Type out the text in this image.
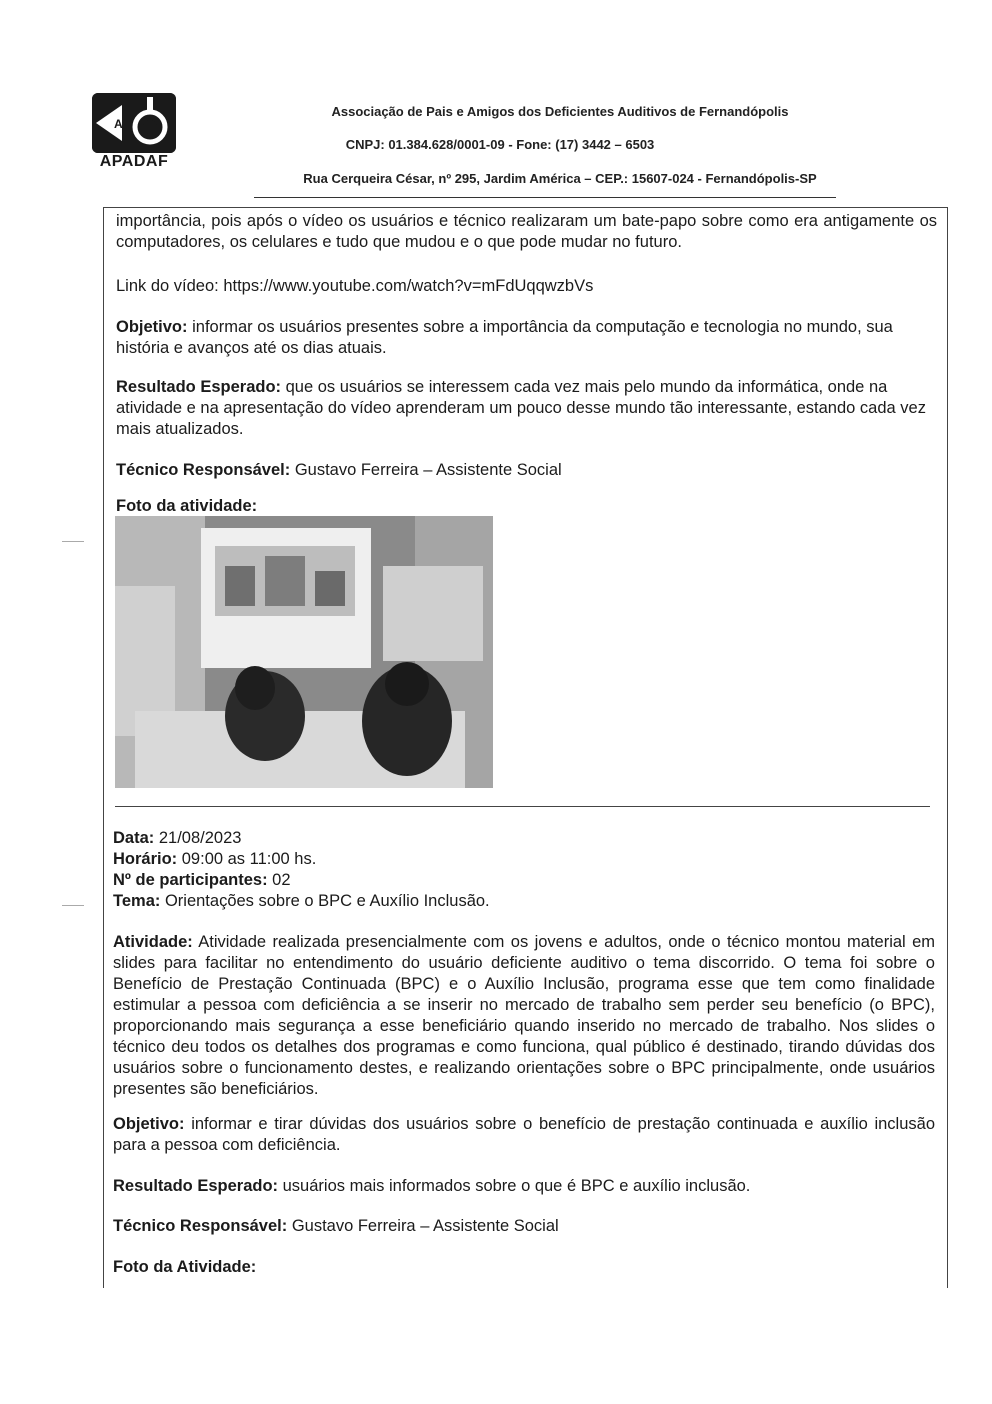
A
APADAF
Associação de Pais e Amigos dos Deficientes Auditivos de Fernandópolis
CNPJ: 01.384.628/0001-09 - Fone: (17) 3442 – 6503
Rua Cerqueira César, nº 295, Jardim América – CEP.: 15607-024 - Fernandópolis-SP
importância, pois após o vídeo os usuários e técnico realizaram um bate-papo sobre como era antigamente os computadores, os celulares e tudo que mudou e o que pode mudar no futuro.
Link do vídeo: https://www.youtube.com/watch?v=mFdUqqwzbVs
Objetivo: informar os usuários presentes sobre a importância da computação e tecnologia no mundo, sua história e avanços até os dias atuais.
Resultado Esperado: que os usuários se interessem cada vez mais pelo mundo da informática, onde na atividade e na apresentação do vídeo aprenderam um pouco desse mundo tão interessante, estando cada vez mais atualizados.
Técnico Responsável: Gustavo Ferreira – Assistente Social
Foto da atividade:
Data: 21/08/2023
Horário: 09:00 as 11:00 hs.
Nº de participantes: 02
Tema: Orientações sobre o BPC e Auxílio Inclusão.
Atividade: Atividade realizada presencialmente com os jovens e adultos, onde o técnico montou material em slides para facilitar no entendimento do usuário deficiente auditivo o tema discorrido. O tema foi sobre o Benefício de Prestação Continuada (BPC) e o Auxílio Inclusão, programa esse que tem como finalidade estimular a pessoa com deficiência a se inserir no mercado de trabalho sem perder seu benefício (o BPC), proporcionando mais segurança a esse beneficiário quando inserido no mercado de trabalho. Nos slides o técnico deu todos os detalhes dos programas e como funciona, qual público é destinado, tirando dúvidas dos usuários sobre o funcionamento destes, e realizando orientações sobre o BPC principalmente, onde usuários presentes são beneficiários.
Objetivo: informar e tirar dúvidas dos usuários sobre o benefício de prestação continuada e auxílio inclusão para a pessoa com deficiência.
Resultado Esperado: usuários mais informados sobre o que é BPC e auxílio inclusão.
Técnico Responsável: Gustavo Ferreira – Assistente Social
Foto da Atividade:
